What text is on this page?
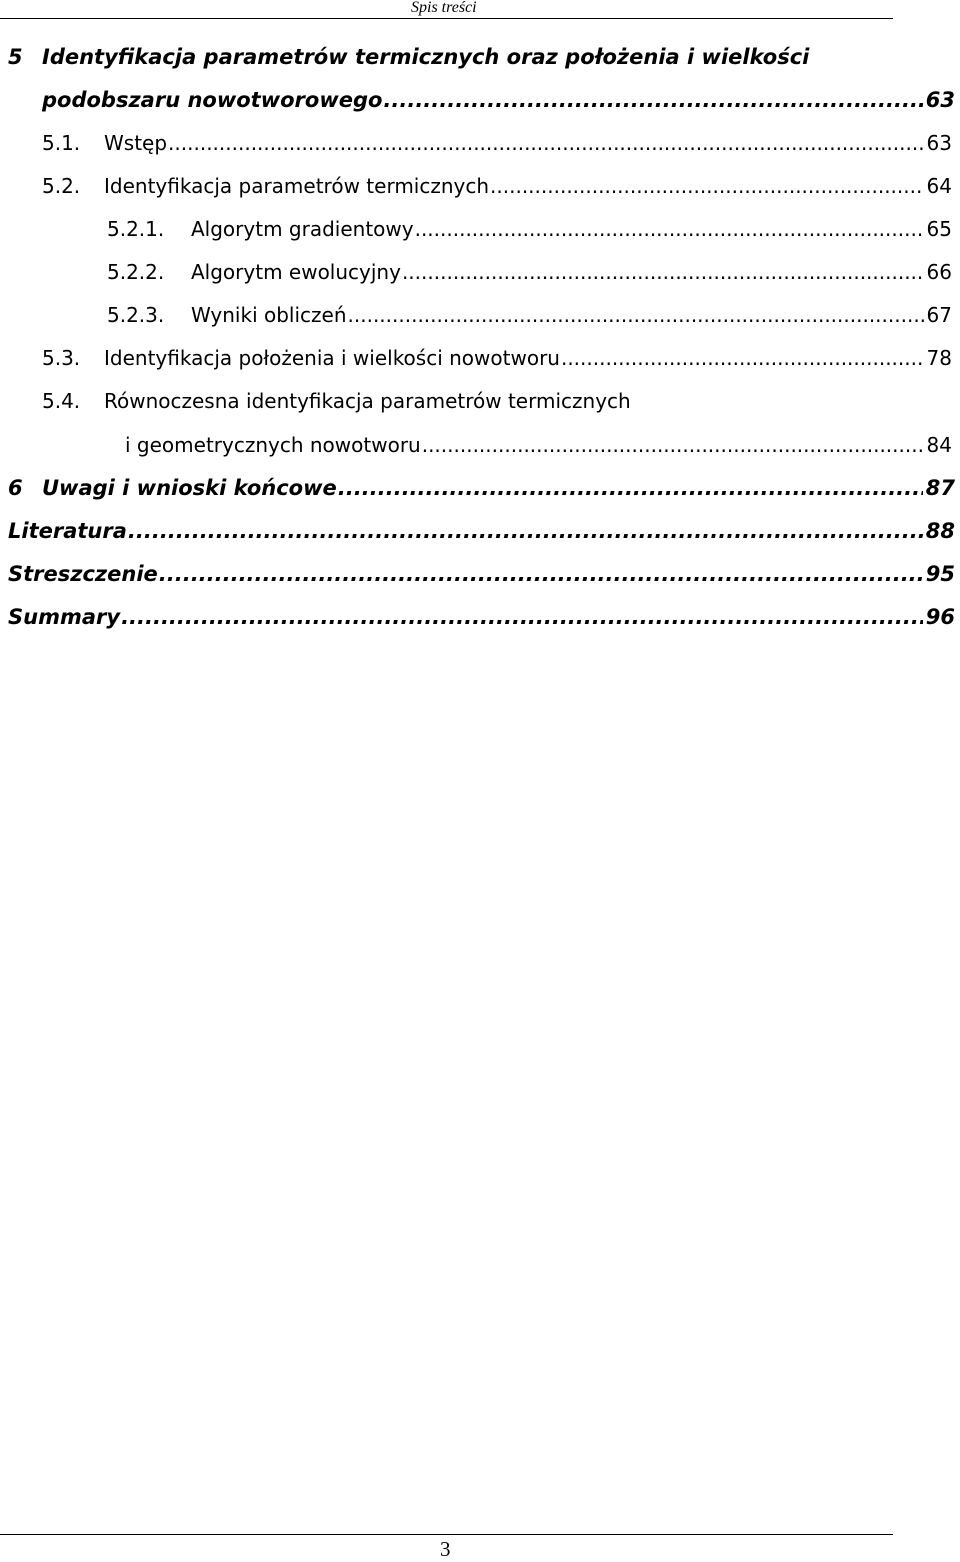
Spis treści
5 Identyfikacja parametrów termicznych oraz położenia i wielkości
podobszaru nowotworowego .....	63
5.1. Wstęp .....	63
5.2. Identyfikacja parametrów termicznych .....	64
5.2.1. Algorytm gradientowy .....	65
5.2.2. Algorytm ewolucyjny .....	66
5.2.3. Wyniki obliczeń .....	67
5.3. Identyfikacja położenia i wielkości nowotworu .....	78
5.4. Równoczesna identyfikacja parametrów termicznych
i geometrycznych nowotworu .....	84
6 Uwagi i wnioski końcowe .....	87
Literatura .....	88
Streszczenie .....	95
Summary .....	96
3
